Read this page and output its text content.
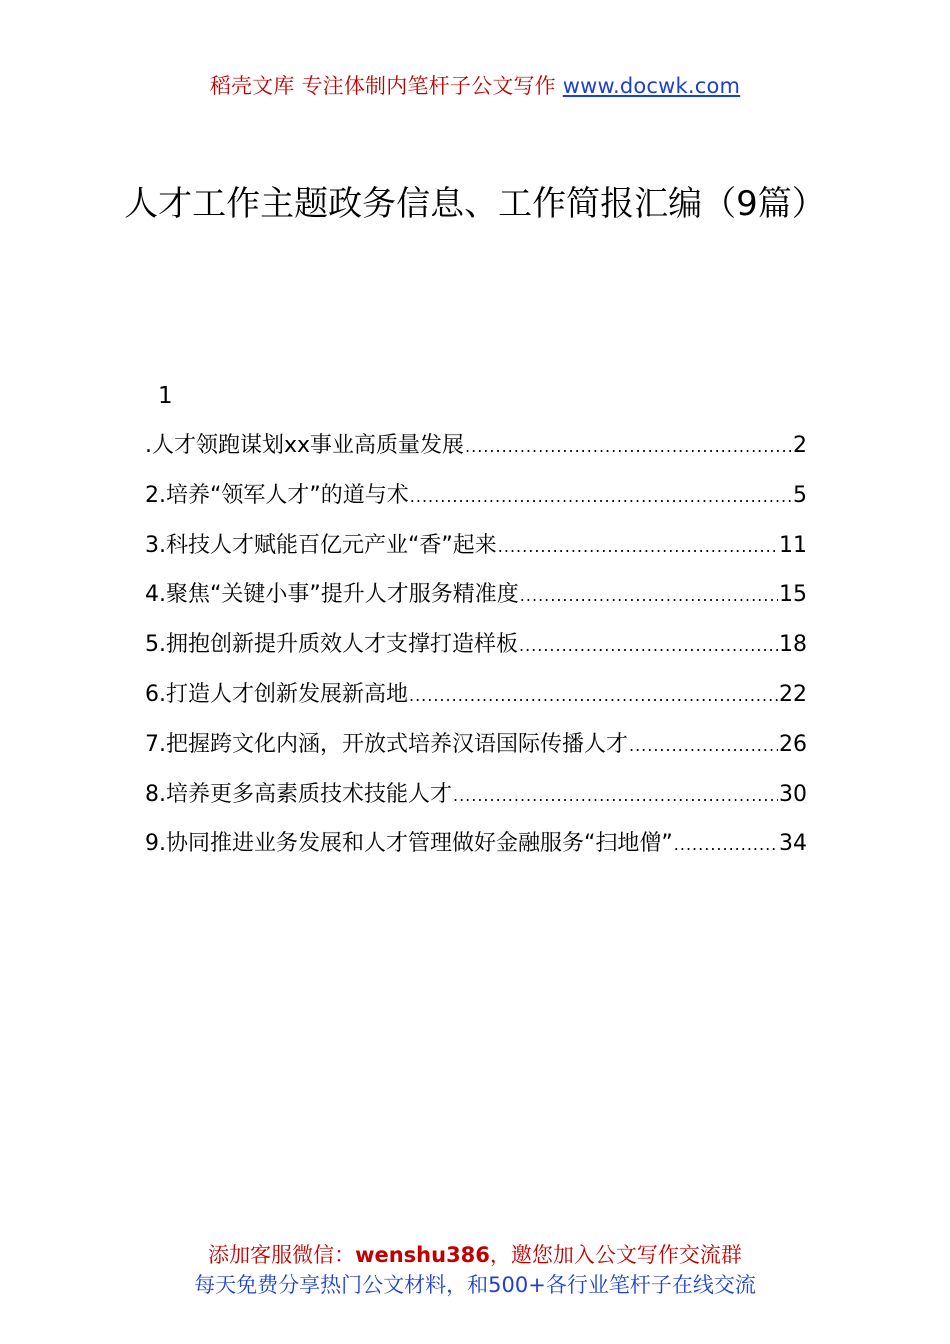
稻壳文库 专注体制内笔杆子公文写作 www.docwk.com
人才工作主题政务信息、工作简报汇编（9篇）
1
.人才领跑谋划xx事业高质量发展 .....	2
2.培养“领军人才”的道与术 .....	5
3.科技人才赋能百亿元产业“香”起来 .....	11
4.聚焦“关键小事”提升人才服务精准度 .....	15
5.拥抱创新提升质效人才支撑打造样板 .....	18
6.打造人才创新发展新高地 .....	22
7.把握跨文化内涵，开放式培养汉语国际传播人才 .....	26
8.培养更多高素质技术技能人才 .....	30
9.协同推进业务发展和人才管理做好金融服务“扫地僧” .....	34
添加客服微信：wenshu386，邀您加入公文写作交流群
每天免费分享热门公文材料，和500+各行业笔杆子在线交流
